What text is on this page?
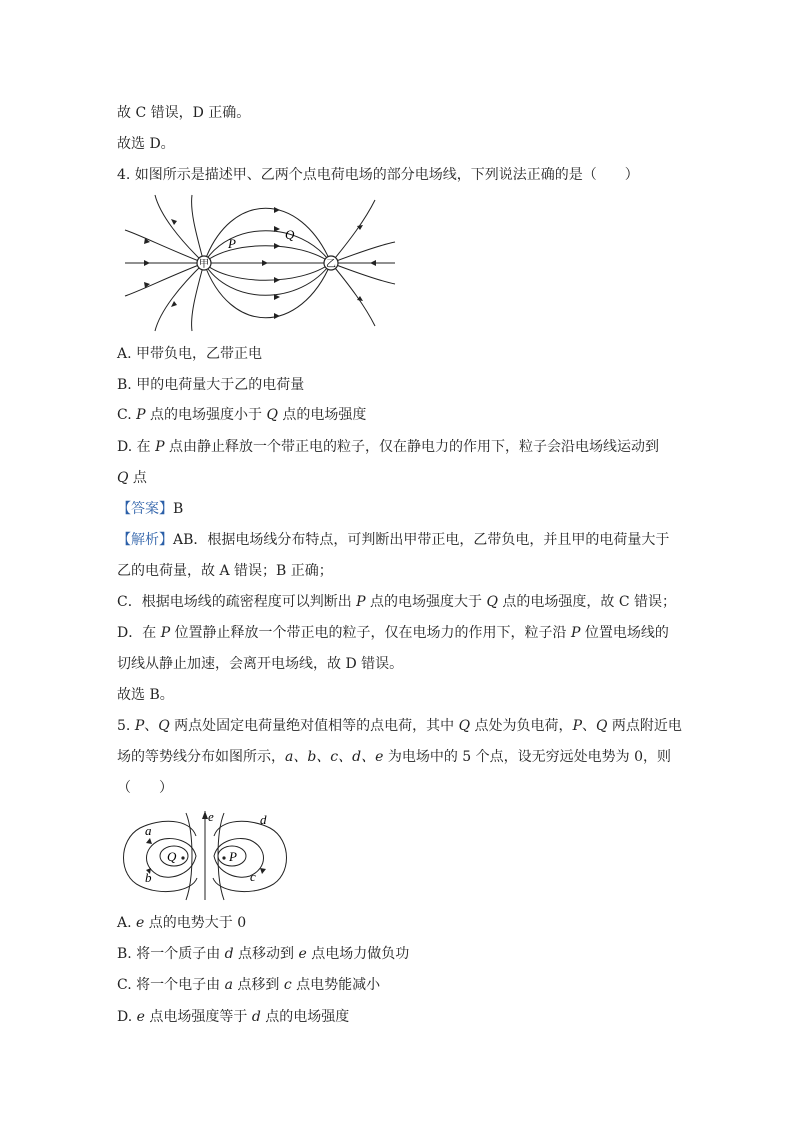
故 C 错误，D 正确。
故选 D。
4. 如图所示是描述甲、乙两个点电荷电场的部分电场线，下列说法正确的是（　　）
甲	乙
P
Q
A. 甲带负电，乙带正电
B. 甲的电荷量大于乙的电荷量
C. P 点的电场强度小于 Q 点的电场强度
D. 在 P 点由静止释放一个带正电的粒子，仅在静电力的作用下，粒子会沿电场线运动到
Q 点
【答案】B
【解析】AB．根据电场线分布特点，可判断出甲带正电，乙带负电，并且甲的电荷量大于
乙的电荷量，故 A 错误；B 正确；
C．根据电场线的疏密程度可以判断出 P 点的电场强度大于 Q 点的电场强度，故 C 错误；
D．在 P 位置静止释放一个带正电的粒子，仅在电场力的作用下，粒子沿 P 位置电场线的
切线从静止加速，会离开电场线，故 D 错误。
故选 B。
5. P、Q 两点处固定电荷量绝对值相等的点电荷，其中 Q 点处为负电荷，P、Q 两点附近电
场的等势线分布如图所示，a、b、c、d、e 为电场中的 5 个点，设无穷远处电势为 0，则
（　　）
a
b	c
d
e
Q	P
A. e 点的电势大于 0
B. 将一个质子由 d 点移动到 e 点电场力做负功
C. 将一个电子由 a 点移到 c 点电势能减小
D. e 点电场强度等于 d 点的电场强度
